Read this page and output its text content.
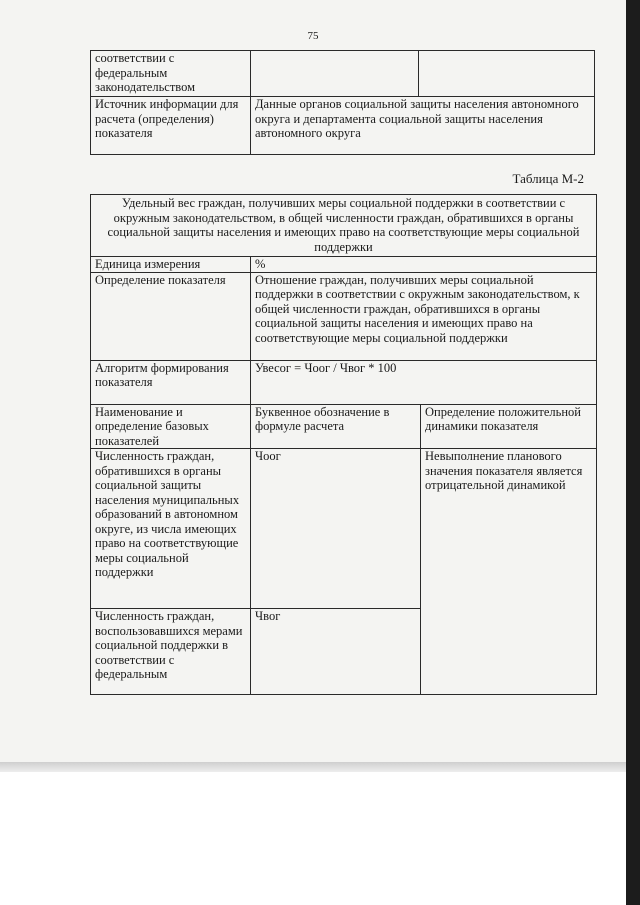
75
соответствии с федеральным законодательством		
Источник информации для расчета (определения) показателя	Данные органов социальной защиты населения автономного округа и департамента социальной защиты населения автономного округа	
Таблица М-2
Удельный вес граждан, получивших меры социальной поддержки в соответствии с окружным законодательством, в общей численности граждан, обратившихся в органы социальной защиты населения и имеющих право на соответствующие меры социальной поддержки		
Единица измерения	%	
Определение показателя	Отношение граждан, получивших меры социальной поддержки в соответствии с окружным законодательством, к общей численности граждан, обратившихся в органы социальной защиты населения и имеющих право на соответствующие меры социальной поддержки	
Алгоритм формирования показателя	Увесог = Чоог / Чвог * 100	
Наименование и определение базовых показателей	Буквенное обозначение в формуле расчета	Определение положительной динамики показателя
Численность граждан, обратившихся в органы социальной защиты населения муниципальных образований в автономном округе, из числа имеющих право на соответствующие меры социальной поддержки	Чоог	Невыполнение планового значения показателя является отрицательной динамикой
Численность граждан, воспользовавшихся мерами социальной поддержки в соответствии с федеральным	Чвог	
